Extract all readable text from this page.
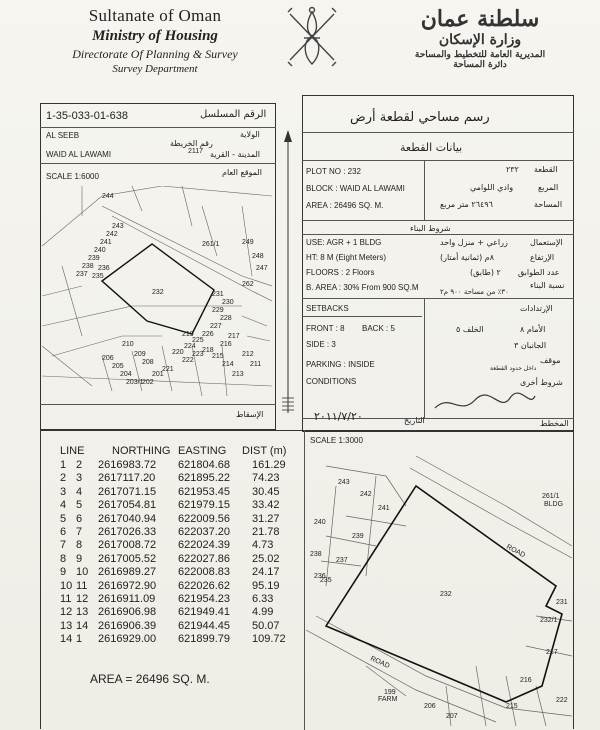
Sultanate of Oman
Ministry of Housing
Directorate Of Planning & Survey
Survey Department
سلطنة عمان
وزارة الإسكان
المديرية العامة للتخطيط والمساحة
دائرة المساحة
1-35-033-01-638	الرقم المسلسل
AL SEEB	الولاية
رقم الخريطة
2117
WAID AL LAWAMI	المدينة - القرية
SCALE 1:6000	الموقع العام
الإسقاط
244
243
242
241
240
239
238
237
236
235
261/1	249
248
247
231
230
229
228
227
226
225
224
223
222
221
220
219
218
217
216
215
214
213
212
211
210
209
208
206
205
204
203/1
202
201
262
232
رسم مساحي لقطعة أرض
بيانات القطعة
PLOT NO : 232	القطعة
٢٣٢
BLOCK : WAID AL LAWAMI	المربع
وادي اللوامي
AREA : 26496 SQ. M.	المساحة
٢٦٤٩٦ متر مربع
شروط البناء
USE: AGR + 1 BLDG	الإستعمال
زراعي + منزل واحد
HT: 8 M (Eight Meters)	الإرتفاع
٨م (ثمانية أمتار)
FLOORS : 2 Floors	عدد الطوابق
٢ (طابق)
B. AREA : 30% From 900 SQ.M	نسبة البناء
٣٠٪ من مساحة ٩٠٠ م٢
SETBACKS	الإرتدادات
FRONT : 8 BACK : 5	الأمام ٨
الخلف ٥
SIDE : 3	الجانبان ٣
PARKING : INSIDE	موقف
داخل حدود القطعة
CONDITIONS	شروط أخرى
المخطط
التاريخ
٢٠١١/٧/٢٠
LINE	NORTHING EASTING DIST (m)
1 2 2616983.72 621804.68 161.29
2 3 2617117.20 621895.22 74.23
3 4 2617071.15 621953.45 30.45
4 5 2617054.81 621979.15 33.42
5 6 2617040.94 622009.56 31.27
6 7 2617026.33 622037.20 21.78
7 8 2617008.72 622024.39 4.73
8 9 2617005.52 622027.86 25.02
9 10 2616989.27 622008.83 24.17
10 11 2616972.90 622026.62 95.19
11 12 2616911.09 621954.23 6.33
12 13 2616906.98 621949.41 4.99
13 14 2616906.39 621944.45 50.07
14 1 2616929.00 621899.79 109.72
AREA = 26496 SQ. M.
SCALE 1:3000
232
ROAD
ROAD
243
242
241
240
239
238
237
236
235
261/1
BLDG
231
232/1
217
216
215
222
206
207
199
FARM
